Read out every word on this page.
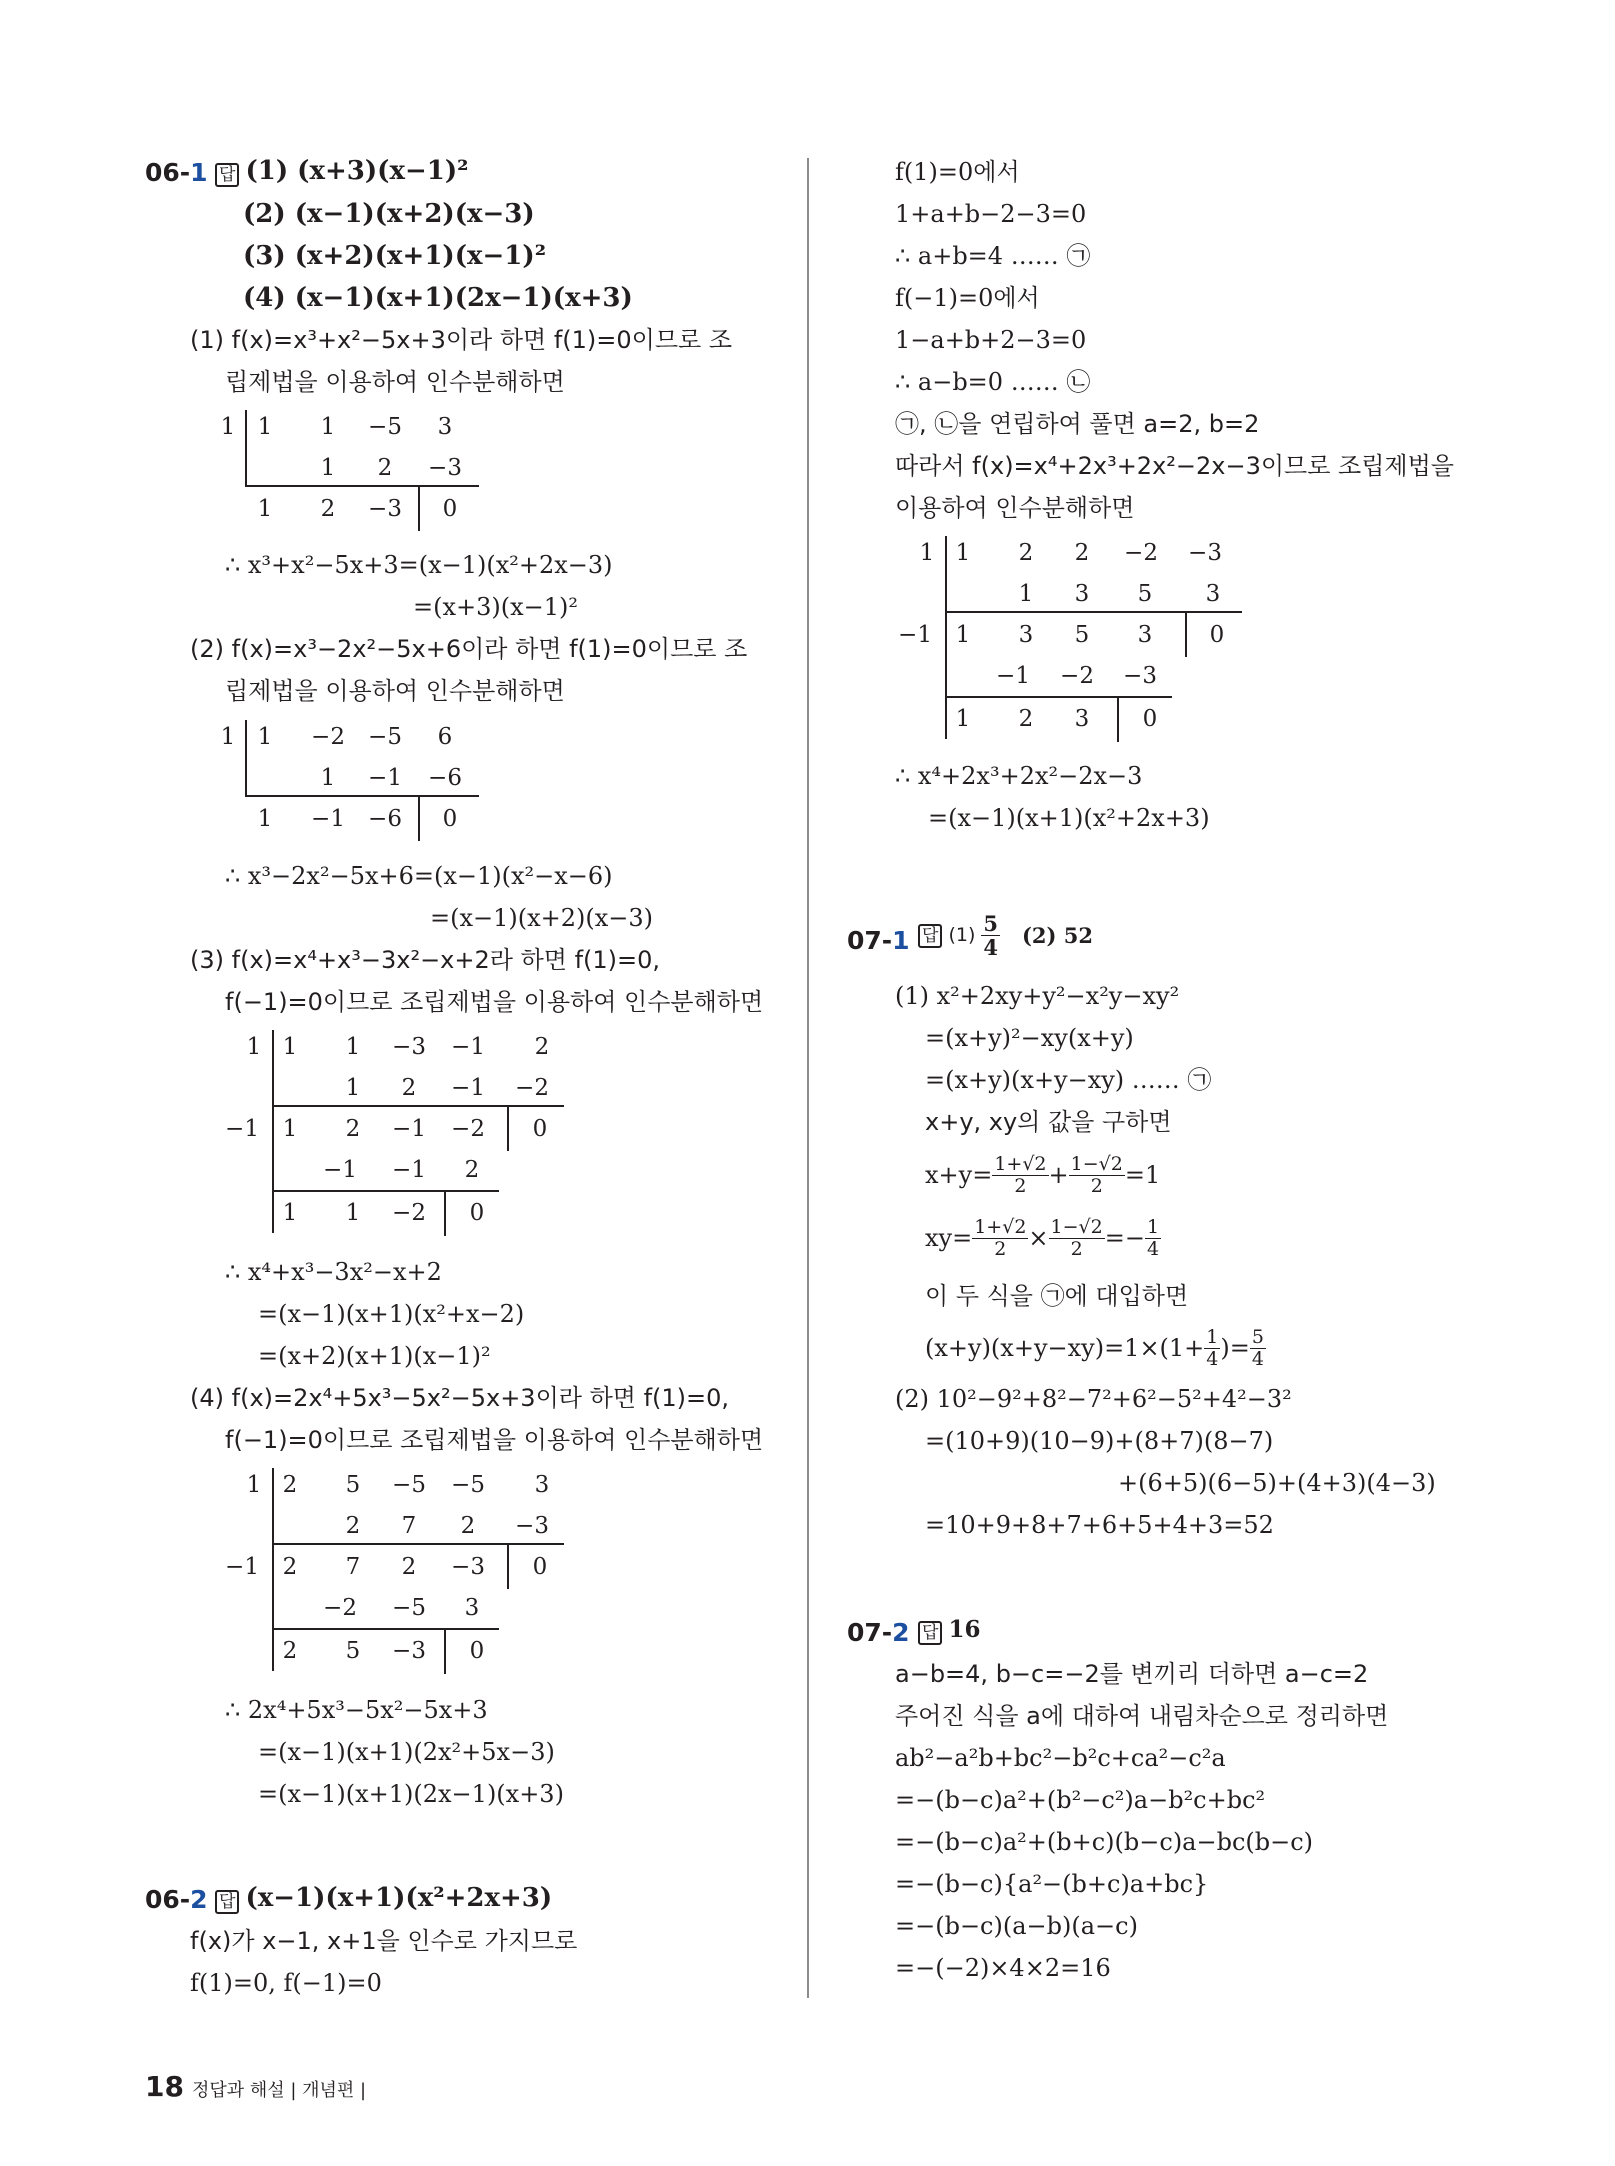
06-1 답 (1) (x+3)(x−1)²
(2) (x−1)(x+2)(x−3)
(3) (x+2)(x+1)(x−1)²
(4) (x−1)(x+1)(2x−1)(x+3)
(1) f(x)=x³+x²−5x+3이라 하면 f(1)=0이므로 조
립제법을 이용하여 인수분해하면
1 1 1 −5 3
1 2 −3
1 2 −3 0
∴ x³+x²−5x+3=(x−1)(x²+2x−3)
=(x+3)(x−1)²
(2) f(x)=x³−2x²−5x+6이라 하면 f(1)=0이므로 조
립제법을 이용하여 인수분해하면
1 1 −2 −5 6
1 −1 −6
1 −1 −6 0
∴ x³−2x²−5x+6=(x−1)(x²−x−6)
=(x−1)(x+2)(x−3)
(3) f(x)=x⁴+x³−3x²−x+2라 하면 f(1)=0,
f(−1)=0이므로 조립제법을 이용하여 인수분해하면
1 1 1 −3 −1 2
1 2 −1 −2
−1 1 2 −1 −2 0
−1 −1 2
1 1 −2 0
∴ x⁴+x³−3x²−x+2
=(x−1)(x+1)(x²+x−2)
=(x+2)(x+1)(x−1)²
(4) f(x)=2x⁴+5x³−5x²−5x+3이라 하면 f(1)=0,
f(−1)=0이므로 조립제법을 이용하여 인수분해하면
1 2 5 −5 −5 3
2 7 2 −3
−1 2 7 2 −3 0
−2 −5 3
2 5 −3 0
∴ 2x⁴+5x³−5x²−5x+3
=(x−1)(x+1)(2x²+5x−3)
=(x−1)(x+1)(2x−1)(x+3)
06-2 답 (x−1)(x+1)(x²+2x+3)
f(x)가 x−1, x+1을 인수로 가지므로
f(1)=0, f(−1)=0
f(1)=0에서
1+a+b−2−3=0
∴ a+b=4 …… ㉠
f(−1)=0에서
1−a+b+2−3=0
∴ a−b=0 …… ㉡
㉠, ㉡을 연립하여 풀면 a=2, b=2
따라서 f(x)=x⁴+2x³+2x²−2x−3이므로 조립제법을
이용하여 인수분해하면
1 1 2 2 −2 −3
1 3 5 3
−1 1 3 5 3 0
−1 −2 −3
1 2 3 0
∴ x⁴+2x³+2x²−2x−3
=(x−1)(x+1)(x²+2x+3)
07-1 답 $(1) \frac{5}{4} (2)$ 52
(1) x²+2xy+y²−x²y−xy²
=(x+y)²−xy(x+y)
=(x+y)(x+y−xy) …… ㉠
x+y, xy의 값을 구하면
$x+y= \frac{1+√2}{2} + \frac{1-√2}{2} =1$
$xy= \frac{1+√2}{2} \times \frac{1-√2}{2} =- \frac{1}{4}$
이 두 식을 ㉠에 대입하면
$(x+y)(x+y-xy)=1\times(1+ \frac{1}{4}$ )= $\frac{5}{4}$
(2) 10²−9²+8²−7²+6²−5²+4²−3²
=(10+9)(10−9)+(8+7)(8−7)
+(6+5)(6−5)+(4+3)(4−3)
=10+9+8+7+6+5+4+3=52
07-2 답 16
a−b=4, b−c=−2를 변끼리 더하면 a−c=2
주어진 식을 a에 대하여 내림차순으로 정리하면
ab²−a²b+bc²−b²c+ca²−c²a
=−(b−c)a²+(b²−c²)a−b²c+bc²
=−(b−c)a²+(b+c)(b−c)a−bc(b−c)
=−(b−c){a²−(b+c)a+bc}
=−(b−c)(a−b)(a−c)
=−(−2)×4×2=16
18 정답과 해설 | 개념편 |
